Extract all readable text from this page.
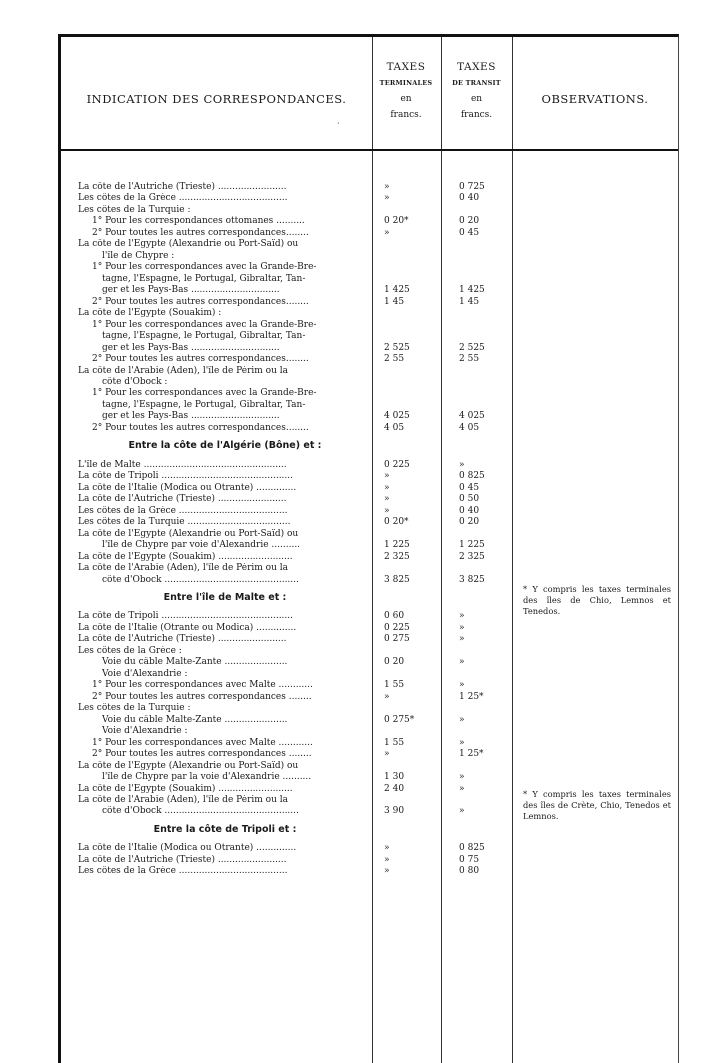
INDICATION DES CORRESPONDANCES.
·
TAXES
TERMINALES
en
francs.
TAXES
DE TRANSIT
en
francs.
OBSERVATIONS.
La côte de l'Autriche (Trieste) ........................	»	0 725
Les côtes de la Grèce ......................................	»	0 40
Les côtes de la Turquie :
1° Pour les correspondances ottomanes ..........	0 20*	0 20
2° Pour toutes les autres correspondances........	»	0 45
La côte de l'Égypte (Alexandrie ou Port-Saïd) ou
l'île de Chypre :
1° Pour les correspondances avec la Grande-Bre-
tagne, l'Espagne, le Portugal, Gibraltar, Tan-
ger et les Pays-Bas ...............................	1 425	1 425
2° Pour toutes les autres correspondances........	1 45	1 45
La côte de l'Égypte (Souakim) :
1° Pour les correspondances avec la Grande-Bre-
tagne, l'Espagne, le Portugal, Gibraltar, Tan-
ger et les Pays-Bas ...............................	2 525	2 525
2° Pour toutes les autres correspondances........	2 55	2 55
La côte de l'Arabie (Aden), l'île de Périm ou la
côte d'Obock :
1° Pour les correspondances avec la Grande-Bre-
tagne, l'Espagne, le Portugal, Gibraltar, Tan-
ger et les Pays-Bas ...............................	4 025	4 025
2° Pour toutes les autres correspondances........	4 05	4 05
Entre la côte de l'Algérie (Bône) et :
L'île de Malte ..................................................	0 225	»
La côte de Tripoli ..............................................	»	0 825
La côte de l'Italie (Modica ou Otrante) ..............	»	0 45
La côte de l'Autriche (Trieste) ........................	»	0 50
Les côtes de la Grèce ......................................	»	0 40
Les côtes de la Turquie ....................................	0 20*	0 20
La côte de l'Égypte (Alexandrie ou Port-Saïd) ou
l'île de Chypre par voie d'Alexandrie ..........	1 225	1 225
La côte de l'Égypte (Souakim) ..........................	2 325	2 325
La côte de l'Arabie (Aden), l'île de Périm ou la
côte d'Obock ...............................................	3 825	3 825
Entre l'île de Malte et :
La côte de Tripoli ..............................................	0 60	»
La côte de l'Italie (Otrante ou Modica) ..............	0 225	»
La côte de l'Autriche (Trieste) ........................	0 275	»
Les côtes de la Grèce :
Voie du câble Malte-Zante ......................	0 20	»
Voie d'Alexandrie :
1° Pour les correspondances avec Malte ............	1 55	»
2° Pour toutes les autres correspondances ........	»	1 25*
Les côtes de la Turquie :
Voie du câble Malte-Zante ......................	0 275*	»
Voie d'Alexandrie :
1° Pour les correspondances avec Malte ............	1 55	»
2° Pour toutes les autres correspondances ........	»	1 25*
La côte de l'Égypte (Alexandrie ou Port-Saïd) ou
l'île de Chypre par la voie d'Alexandrie ..........	1 30	»
La côte de l'Égypte (Souakim) ..........................	2 40	»
La côte de l'Arabie (Aden), l'île de Périm ou la
côte d'Obock ...............................................	3 90	»
Entre la côte de Tripoli et :
La côte de l'Italie (Modica ou Otrante) ..............	»	0 825
La côte de l'Autriche (Trieste) ........................	»	0 75
Les côtes de la Grèce ......................................	»	0 80
* Y compris les taxes terminales des îles de Chio, Lemnos et Tenedos.
* Y compris les taxes terminales des îles de Crète, Chio, Tenedos et Lemnos.
